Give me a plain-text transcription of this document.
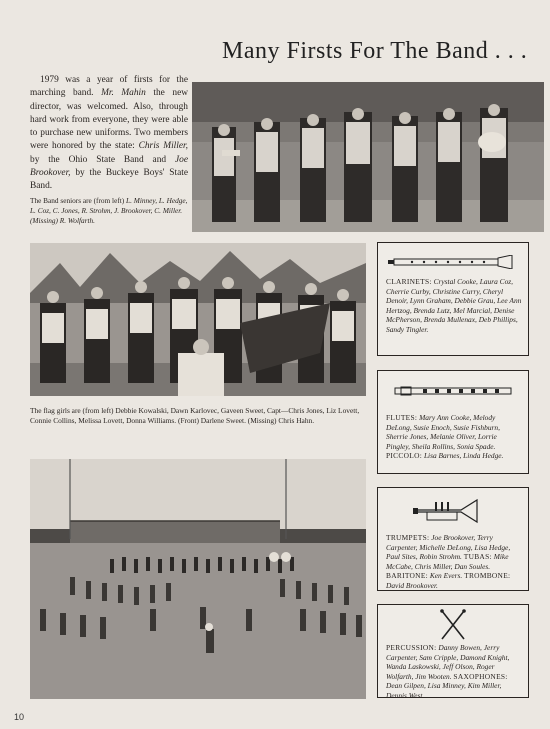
Many Firsts For The Band . . .

1979 was a year of firsts for the marching band. Mr. Mahin the new director, was welcomed. Also, through hard work from everyone, they were able to purchase new uniforms. Two members were honored by the state: Chris Miller, by the Ohio State Band and Joe Brookover, by the Buckeye Boys' State Band.

The Band seniors are (from left) L. Minney, L. Hedge, L. Coz, C. Jones, R. Strohm, J. Brookover, C. Miller. (Missing) R. Wolfarth.
The flag girls are (from left) Debbie Kowalski, Dawn Karlovec, Gaveen Sweet, Capt—Chris Jones, Liz Lovett, Connie Collins, Melissa Lovett, Donna Williams. (Front) Darlene Sweet. (Missing) Chris Hahn.
CLARINETS: Crystal Cooke, Laura Coz, Cherrie Curby, Christine Curry, Cheryl Denoir, Lynn Graham, Debbie Grau, Lee Ann Hertzog, Brenda Lutz, Mel Marcial, Denise McPherson, Brenda Mullenax, Deb Phillips, Sandy Tingler.
FLUTES: Mary Ann Cooke, Melody DeLong, Susie Enoch, Susie Fishburn, Sherrie Jones, Melanie Oliver, Lorrie Pingley, Sheila Rollins, Sonia Spade. PICCOLO: Lisa Barnes, Linda Hedge.
TRUMPETS: Joe Brookover, Terry Carpenter, Michelle DeLong, Lisa Hedge, Paul Sites, Robin Strohm. TUBAS: Mike McCabe, Chris Miller, Dan Soules. BARITONE: Ken Evers. TROMBONE: David Brookover.
PERCUSSION: Danny Bowen, Jerry Carpenter, Sam Cripple, Damond Knight, Wanda Laskowski, Jeff Olson, Roger Wolfarth, Jim Wooten. SAXOPHONES: Dean Gilpen, Lisa Minney, Kim Miller, Dennis West.
10
